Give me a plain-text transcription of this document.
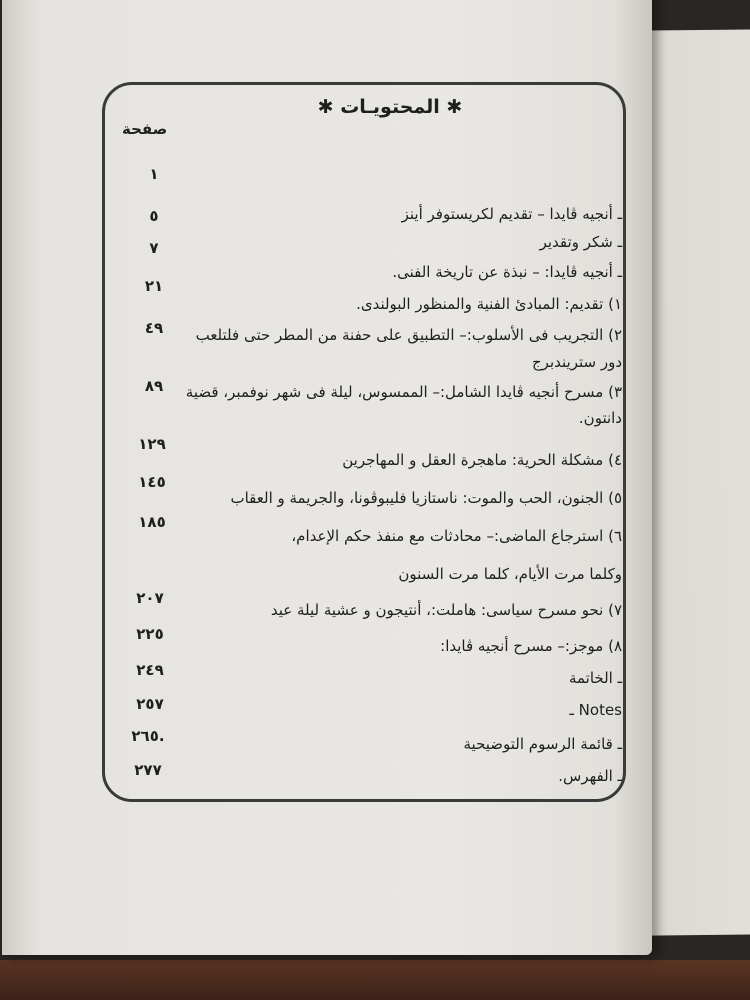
✱ المحتويـات ✱
صفحة
ـ أنجيه ڤايدا – تقديم لكريستوفر أينز
ـ شكر وتقدير
ـ أنجيه ڤايدا: – نبذة عن تاريخة الفنى.
١) تقديم: المبادئ الفنية والمنظور البولندى.
٢) التجريب فى الأسلوب:– التطبيق على حفنة من المطر حتى فلتلعب
دور ستريندبرج
٣) مسرح أنجيه ڤايدا الشامل:– الممسوس، ليلة فى شهر نوفمبر، قضية
دانتون.
٤) مشكلة الحرية: ماهجرة العقل و المهاجرين
٥) الجنون، الحب والموت: ناستازيا فليبوڤونا، والجريمة و العقاب
٦) استرجاع الماضى:– محادثات مع منفذ حكم الإعدام،
وكلما مرت الأيام، كلما مرت السنون
٧) نحو مسرح سياسى: هاملت:، أنتيجون و عشية ليلة عيد
٨) موجز:– مسرح أنجيه ڤايدا:
ـ الخاتمة
Notes ـ
ـ قائمة الرسوم التوضيحية
ـ الفهرس.
١
٥
٧
٢١
٤٩
٨٩
١٢٩
١٤٥
١٨٥
٢٠٧
٢٢٥
٢٤٩
٢٥٧
٢٦٥.
٢٧٧
